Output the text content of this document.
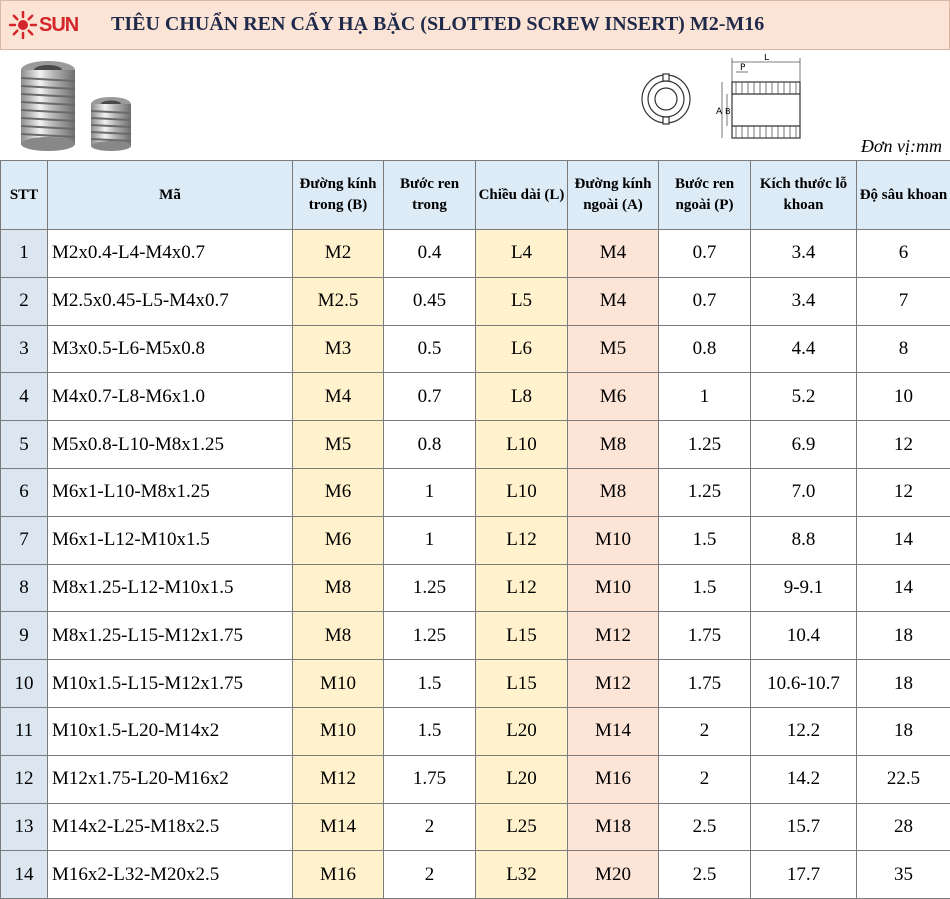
SUN TIÊU CHUẨN REN CẤY HẠ BẶC (SLOTTED SCREW INSERT) M2-M16
L
P
A B
Đơn vị:mm
STT	Mã	Đường kính trong (B)	Bước ren trong	Chiều dài (L)	Đường kính ngoài (A)	Bước ren ngoài (P)	Kích thước lỗ khoan	Độ sâu khoan
1	M2x0.4-L4-M4x0.7	M2	0.4	L4	M4	0.7	3.4	6
2	M2.5x0.45-L5-M4x0.7	M2.5	0.45	L5	M4	0.7	3.4	7
3	M3x0.5-L6-M5x0.8	M3	0.5	L6	M5	0.8	4.4	8
4	M4x0.7-L8-M6x1.0	M4	0.7	L8	M6	1	5.2	10
5	M5x0.8-L10-M8x1.25	M5	0.8	L10	M8	1.25	6.9	12
6	M6x1-L10-M8x1.25	M6	1	L10	M8	1.25	7.0	12
7	M6x1-L12-M10x1.5	M6	1	L12	M10	1.5	8.8	14
8	M8x1.25-L12-M10x1.5	M8	1.25	L12	M10	1.5	9-9.1	14
9	M8x1.25-L15-M12x1.75	M8	1.25	L15	M12	1.75	10.4	18
10	M10x1.5-L15-M12x1.75	M10	1.5	L15	M12	1.75	10.6-10.7	18
11	M10x1.5-L20-M14x2	M10	1.5	L20	M14	2	12.2	18
12	M12x1.75-L20-M16x2	M12	1.75	L20	M16	2	14.2	22.5
13	M14x2-L25-M18x2.5	M14	2	L25	M18	2.5	15.7	28
14	M16x2-L32-M20x2.5	M16	2	L32	M20	2.5	17.7	35
